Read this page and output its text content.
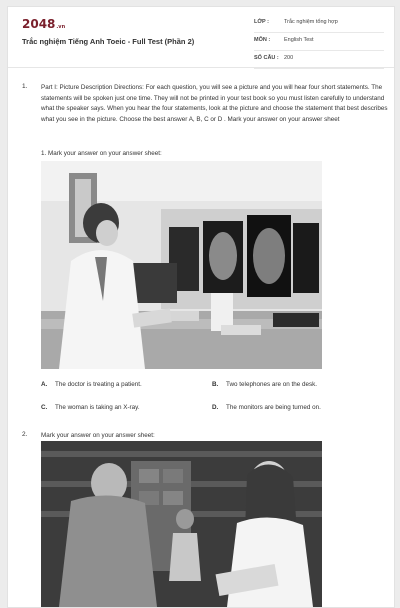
2048.vn
Trắc nghiệm Tiếng Anh Toeic - Full Test (Phần 2)
LỚP :	Trắc nghiệm tổng hợp
MÔN :	English Test
SỐ CÂU : 200
1. Part I: Picture Description Directions: For each question, you will see a picture and you will hear four short statements. The statements will be spoken just one time. They will not be printed in your test book so you must listen carefully to understand what the speaker says. When you hear the four statements, look at the picture and choose the statement that best describes what you see in the picture. Choose the best answer A, B, C or D . Mark your answer on your answer sheet
1. Mark your answer on your answer sheet:
A. The doctor is treating a patient.	B. Two telephones are on the desk.
C. The woman is taking an X-ray.	D. The monitors are being turned on.
2. Mark your answer on your answer sheet:
